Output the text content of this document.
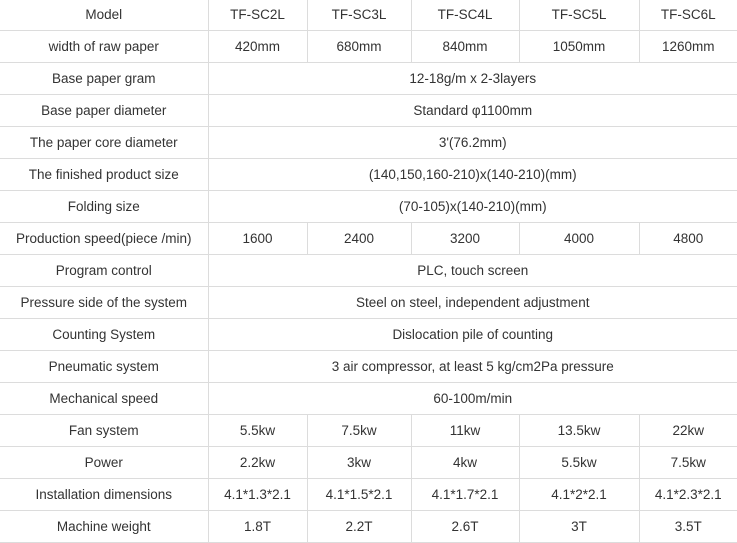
Model	TF-SC2L	TF-SC3L	TF-SC4L	TF-SC5L	TF-SC6L
width of raw paper	420mm	680mm	840mm	1050mm	1260mm
Base paper gram	12-18g/m x 2-3layers				
Base paper diameter	Standard φ1100mm				
The paper core diameter	3'(76.2mm)				
The finished product size	(140,150,160-210)x(140-210)(mm)				
Folding size	(70-105)x(140-210)(mm)				
Production speed(piece /min)	1600	2400	3200	4000	4800
Program control	PLC, touch screen				
Pressure side of the system	Steel on steel, independent adjustment				
Counting System	Dislocation pile of counting				
Pneumatic system	3 air compressor, at least 5 kg/cm2Pa pressure				
Mechanical speed	60-100m/min				
Fan system	5.5kw	7.5kw	11kw	13.5kw	22kw
Power	2.2kw	3kw	4kw	5.5kw	7.5kw
Installation dimensions	4.1*1.3*2.1	4.1*1.5*2.1	4.1*1.7*2.1	4.1*2*2.1	4.1*2.3*2.1
Machine weight	1.8T	2.2T	2.6T	3T	3.5T
